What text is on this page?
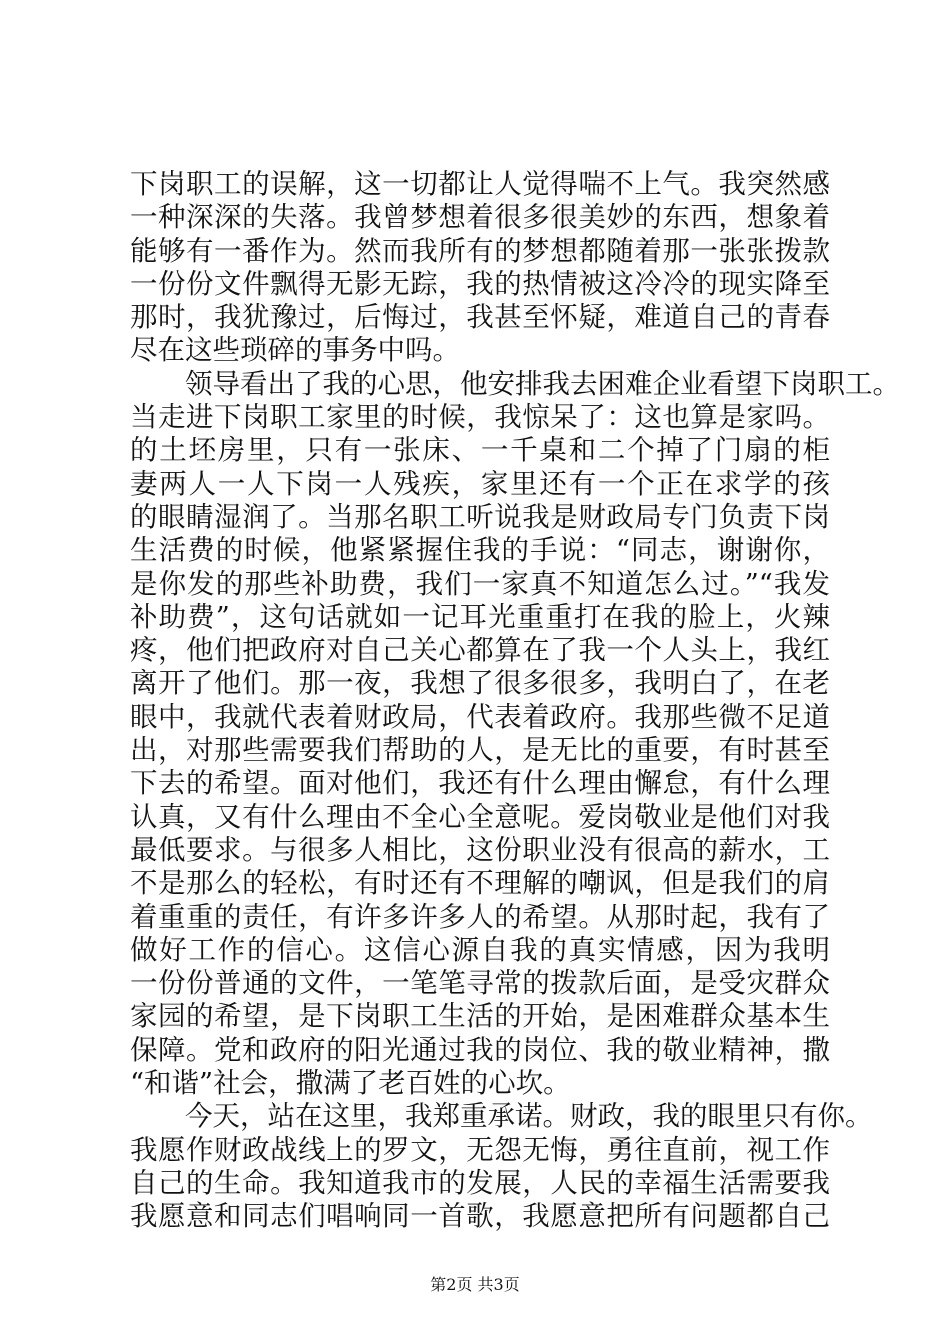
下岗职工的误解，这一切都让人觉得喘不上气。我突然感
一种深深的失落。我曾梦想着很多很美妙的东西，想象着
能够有一番作为。然而我所有的梦想都随着那一张张拨款
一份份文件飘得无影无踪，我的热情被这冷冷的现实降至
那时，我犹豫过，后悔过，我甚至怀疑，难道自己的青春
尽在这些琐碎的事务中吗。
　　领导看出了我的心思，他安排我去困难企业看望下岗职工。
当走进下岗职工家里的时候，我惊呆了：这也算是家吗。
的土坯房里，只有一张床、一千桌和二个掉了门扇的柜
妻两人一人下岗一人残疾，家里还有一个正在求学的孩
的眼睛湿润了。当那名职工听说我是财政局专门负责下岗
生活费的时候，他紧紧握住我的手说：“同志，谢谢你，
是你发的那些补助费，我们一家真不知道怎么过。”“我发
补助费”，这句话就如一记耳光重重打在我的脸上，火辣
疼，他们把政府对自己关心都算在了我一个人头上，我红
离开了他们。那一夜，我想了很多很多，我明白了，在老
眼中，我就代表着财政局，代表着政府。我那些微不足道
出，对那些需要我们帮助的人，是无比的重要，有时甚至
下去的希望。面对他们，我还有什么理由懈怠，有什么理
认真，又有什么理由不全心全意呢。爱岗敬业是他们对我
最低要求。与很多人相比，这份职业没有很高的薪水，工
不是那么的轻松，有时还有不理解的嘲讽，但是我们的肩
着重重的责任，有许多许多人的希望。从那时起，我有了
做好工作的信心。这信心源自我的真实情感，因为我明
一份份普通的文件，一笔笔寻常的拨款后面，是受灾群众
家园的希望，是下岗职工生活的开始，是困难群众基本生
保障。党和政府的阳光通过我的岗位、我的敬业精神，撒
“和谐”社会，撒满了老百姓的心坎。
　　今天，站在这里，我郑重承诺。财政，我的眼里只有你。
我愿作财政战线上的罗文，无怨无悔，勇往直前，视工作
自己的生命。我知道我市的发展，人民的幸福生活需要我
我愿意和同志们唱响同一首歌，我愿意把所有问题都自己
第2页 共3页
